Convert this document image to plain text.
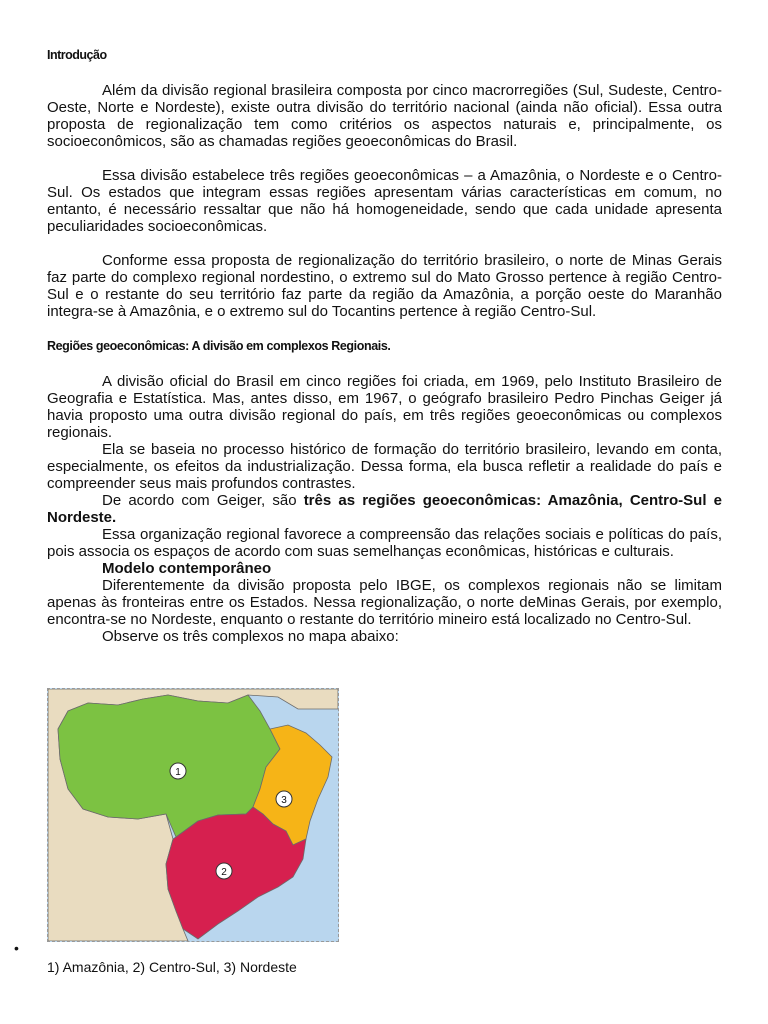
Introdução

Além da divisão regional brasileira composta por cinco macrorregiões (Sul, Sudeste, Centro-Oeste, Norte e Nordeste), existe outra divisão do território nacional (ainda não oficial). Essa outra proposta de regionalização tem como critérios os aspectos naturais e, principalmente, os socioeconômicos, são as chamadas regiões geoeconômicas do Brasil.

Essa divisão estabelece três regiões geoeconômicas – a Amazônia, o Nordeste e o Centro-Sul. Os estados que integram essas regiões apresentam várias características em comum, no entanto, é necessário ressaltar que não há homogeneidade, sendo que cada unidade apresenta peculiaridades socioeconômicas.

Conforme essa proposta de regionalização do território brasileiro, o norte de Minas Gerais faz parte do complexo regional nordestino, o extremo sul do Mato Grosso pertence à região Centro-Sul e o restante do seu território faz parte da região da Amazônia, a porção oeste do Maranhão integra-se à Amazônia, e o extremo sul do Tocantins pertence à região Centro-Sul.

Regiões geoeconômicas: A divisão em complexos Regionais.

A divisão oficial do Brasil em cinco regiões foi criada, em 1969, pelo Instituto Brasileiro de Geografia e Estatística. Mas, antes disso, em 1967, o geógrafo brasileiro Pedro Pinchas Geiger já havia proposto uma outra divisão regional do país, em três regiões geoeconômicas ou complexos regionais.

Ela se baseia no processo histórico de formação do território brasileiro, levando em conta, especialmente, os efeitos da industrialização. Dessa forma, ela busca refletir a realidade do país e compreender seus mais profundos contrastes.

De acordo com Geiger, são três as regiões geoeconômicas: Amazônia, Centro-Sul e Nordeste.

Essa organização regional favorece a compreensão das relações sociais e políticas do país, pois associa os espaços de acordo com suas semelhanças econômicas, históricas e culturais.

Modelo contemporâneo

Diferentemente da divisão proposta pelo IBGE, os complexos regionais não se limitam apenas às fronteiras entre os Estados. Nessa regionalização, o norte deMinas Gerais, por exemplo, encontra-se no Nordeste, enquanto o restante do território mineiro está localizado no Centro-Sul.

Observe os três complexos no mapa abaixo:

1
3
2
•
1) Amazônia, 2) Centro-Sul, 3) Nordeste
